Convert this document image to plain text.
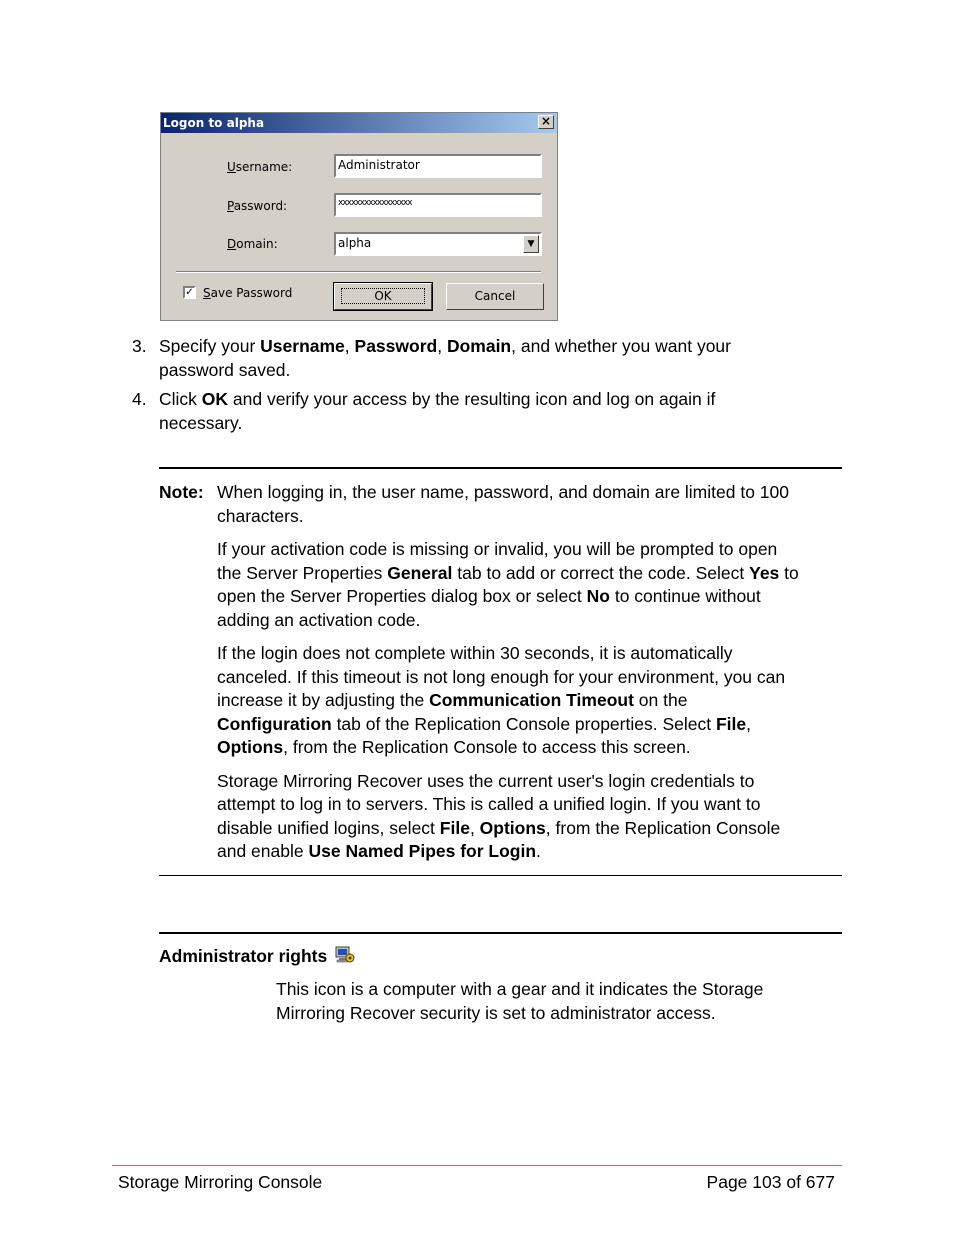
Logon to alpha	×
Username:	Administrator
Password:	xxxxxxxxxxxxxxxxx
Domain:	alpha	▼
✓ Save Password	OK	Cancel
3. Specify your Username, Password, Domain, and whether you want your
password saved.
4. Click OK and verify your access by the resulting icon and log on again if
necessary.
Note: When logging in, the user name, password, and domain are limited to 100
characters.
If your activation code is missing or invalid, you will be prompted to open
the Server Properties General tab to add or correct the code. Select Yes to
open the Server Properties dialog box or select No to continue without
adding an activation code.
If the login does not complete within 30 seconds, it is automatically
canceled. If this timeout is not long enough for your environment, you can
increase it by adjusting the Communication Timeout on the
Configuration tab of the Replication Console properties. Select File,
Options, from the Replication Console to access this screen.
Storage Mirroring Recover uses the current user's login credentials to
attempt to log in to servers. This is called a unified login. If you want to
disable unified logins, select File, Options, from the Replication Console
and enable Use Named Pipes for Login.
Administrator rights
This icon is a computer with a gear and it indicates the Storage
Mirroring Recover security is set to administrator access.
Storage Mirroring Console	Page 103 of 677
